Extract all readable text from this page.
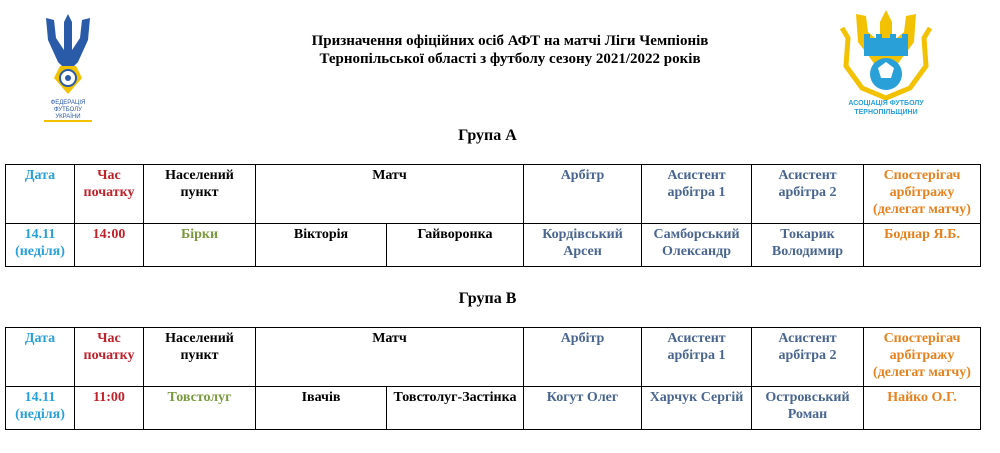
ФЕДЕРАЦІЯ
ФУТБОЛУ
УКРАЇНИ
Призначення офіційних осіб АФТ на матчі Ліги Чемпіонів
Тернопільської області з футболу сезону 2021/2022 років
АСОЦІАЦІЯ ФУТБОЛУ
ТЕРНОПІЛЬЩИНИ
Група А
Дата	Час початку	Населений пункт	Матч		Арбітр	Асистент арбітра 1	Асистент арбітра 2	Спостерігач арбітражу (делегат матчу)
14.11 (неділя)	14:00	Бірки	Вікторія	Гайворонка	Кордівський Арсен	Самборський Олександр	Токарик Володимир	Боднар Я.Б.
Група В
Дата	Час початку	Населений пункт	Матч		Арбітр	Асистент арбітра 1	Асистент арбітра 2	Спостерігач арбітражу (делегат матчу)
14.11 (неділя)	11:00	Товстолуг	Івачів	Товстолуг-Застінка	Когут Олег	Харчук Сергій	Островський Роман	Найко О.Г.
